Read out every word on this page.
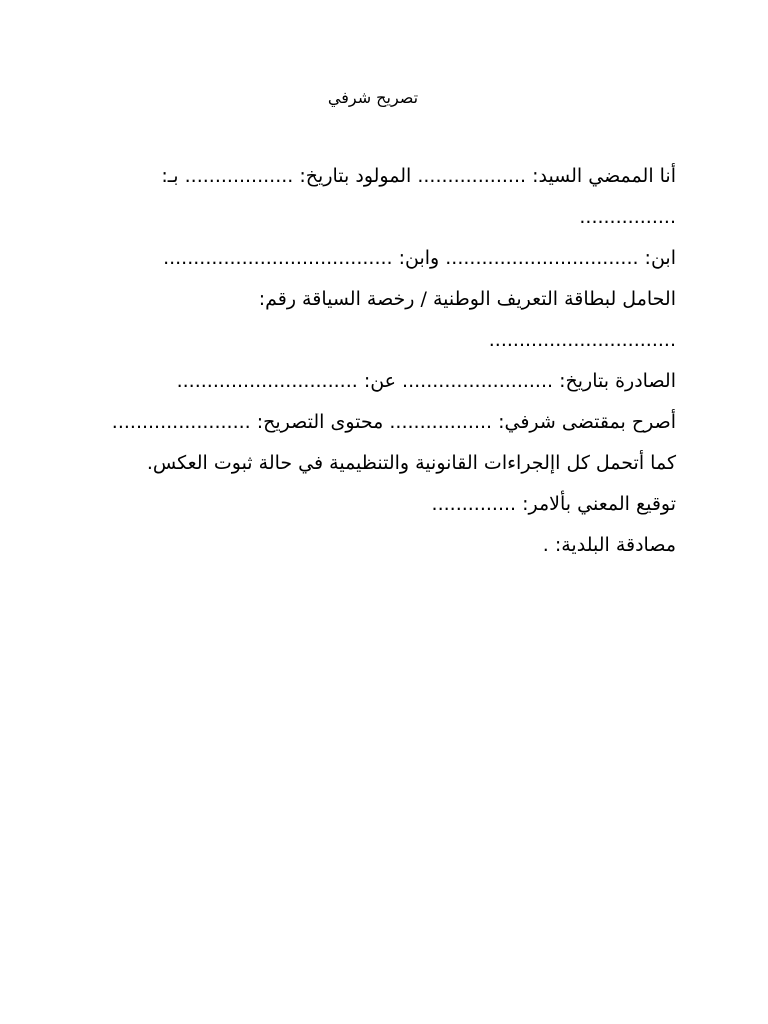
تصريح شرفي

أنا الممضي السيد: .................. المولود بتاريخ: .................. بـ:

................

ابن: ................................ وابن: ......................................

الحامل لبطاقة التعريف الوطنية / رخصة السياقة رقم:

...............................

الصادرة بتاريخ: ......................... عن: ..............................

أصرح بمقتضى شرفي: ................. محتوى التصريح: .......................

كما أتحمل كل اإلجراءات القانونية والتنظيمية في حالة ثبوت العكس.

توقيع المعني بألامر: ..............

مصادقة البلدية: .
